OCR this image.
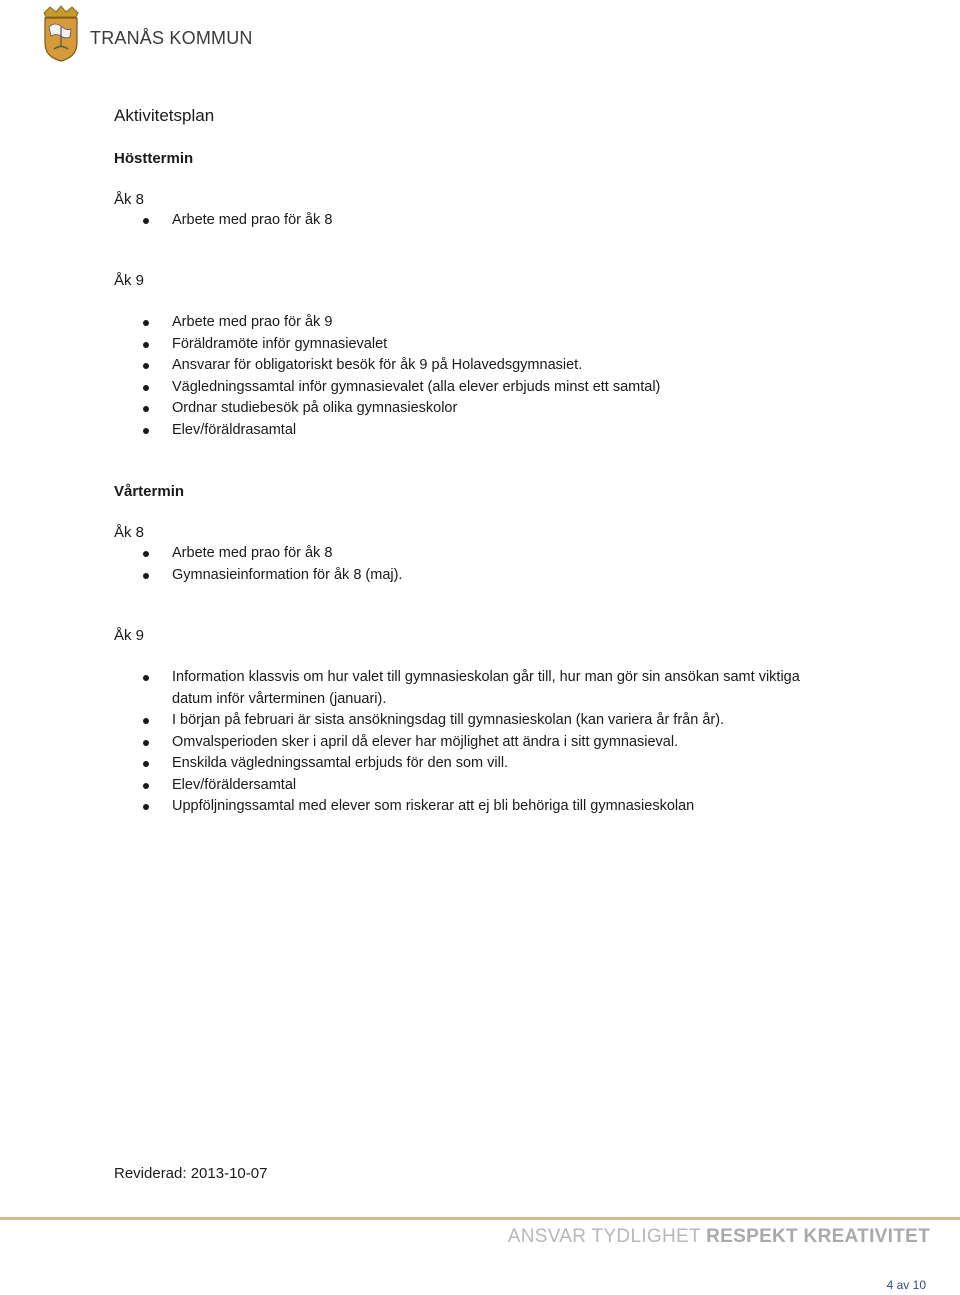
TRANÅS KOMMUN
Aktivitetsplan
Hösttermin
Åk 8
Arbete med prao för åk 8
Åk 9
Arbete med prao för åk 9
Föräldramöte inför gymnasievalet
Ansvarar för obligatoriskt besök för åk 9 på Holavedsgymnasiet.
Vägledningssamtal inför gymnasievalet (alla elever erbjuds minst ett samtal)
Ordnar studiebesök på olika gymnasieskolor
Elev/föräldrasamtal
Vårtermin
Åk 8
Arbete med prao för åk 8
Gymnasieinformation för åk 8 (maj).
Åk 9
Information klassvis om hur valet till gymnasieskolan går till, hur man gör sin ansökan samt viktiga datum inför vårterminen (januari).
I början på februari är sista ansökningsdag till gymnasieskolan (kan variera år från år).
Omvalsperioden sker i april då elever har möjlighet att ändra i sitt gymnasieval.
Enskilda vägledningssamtal erbjuds för den som vill.
Elev/föräldersamtal
Uppföljningssamtal med elever som riskerar att ej bli behöriga till gymnasieskolan
Reviderad: 2013-10-07
ANSVAR TYDLIGHET RESPEKT KREATIVITET
4 av 10
